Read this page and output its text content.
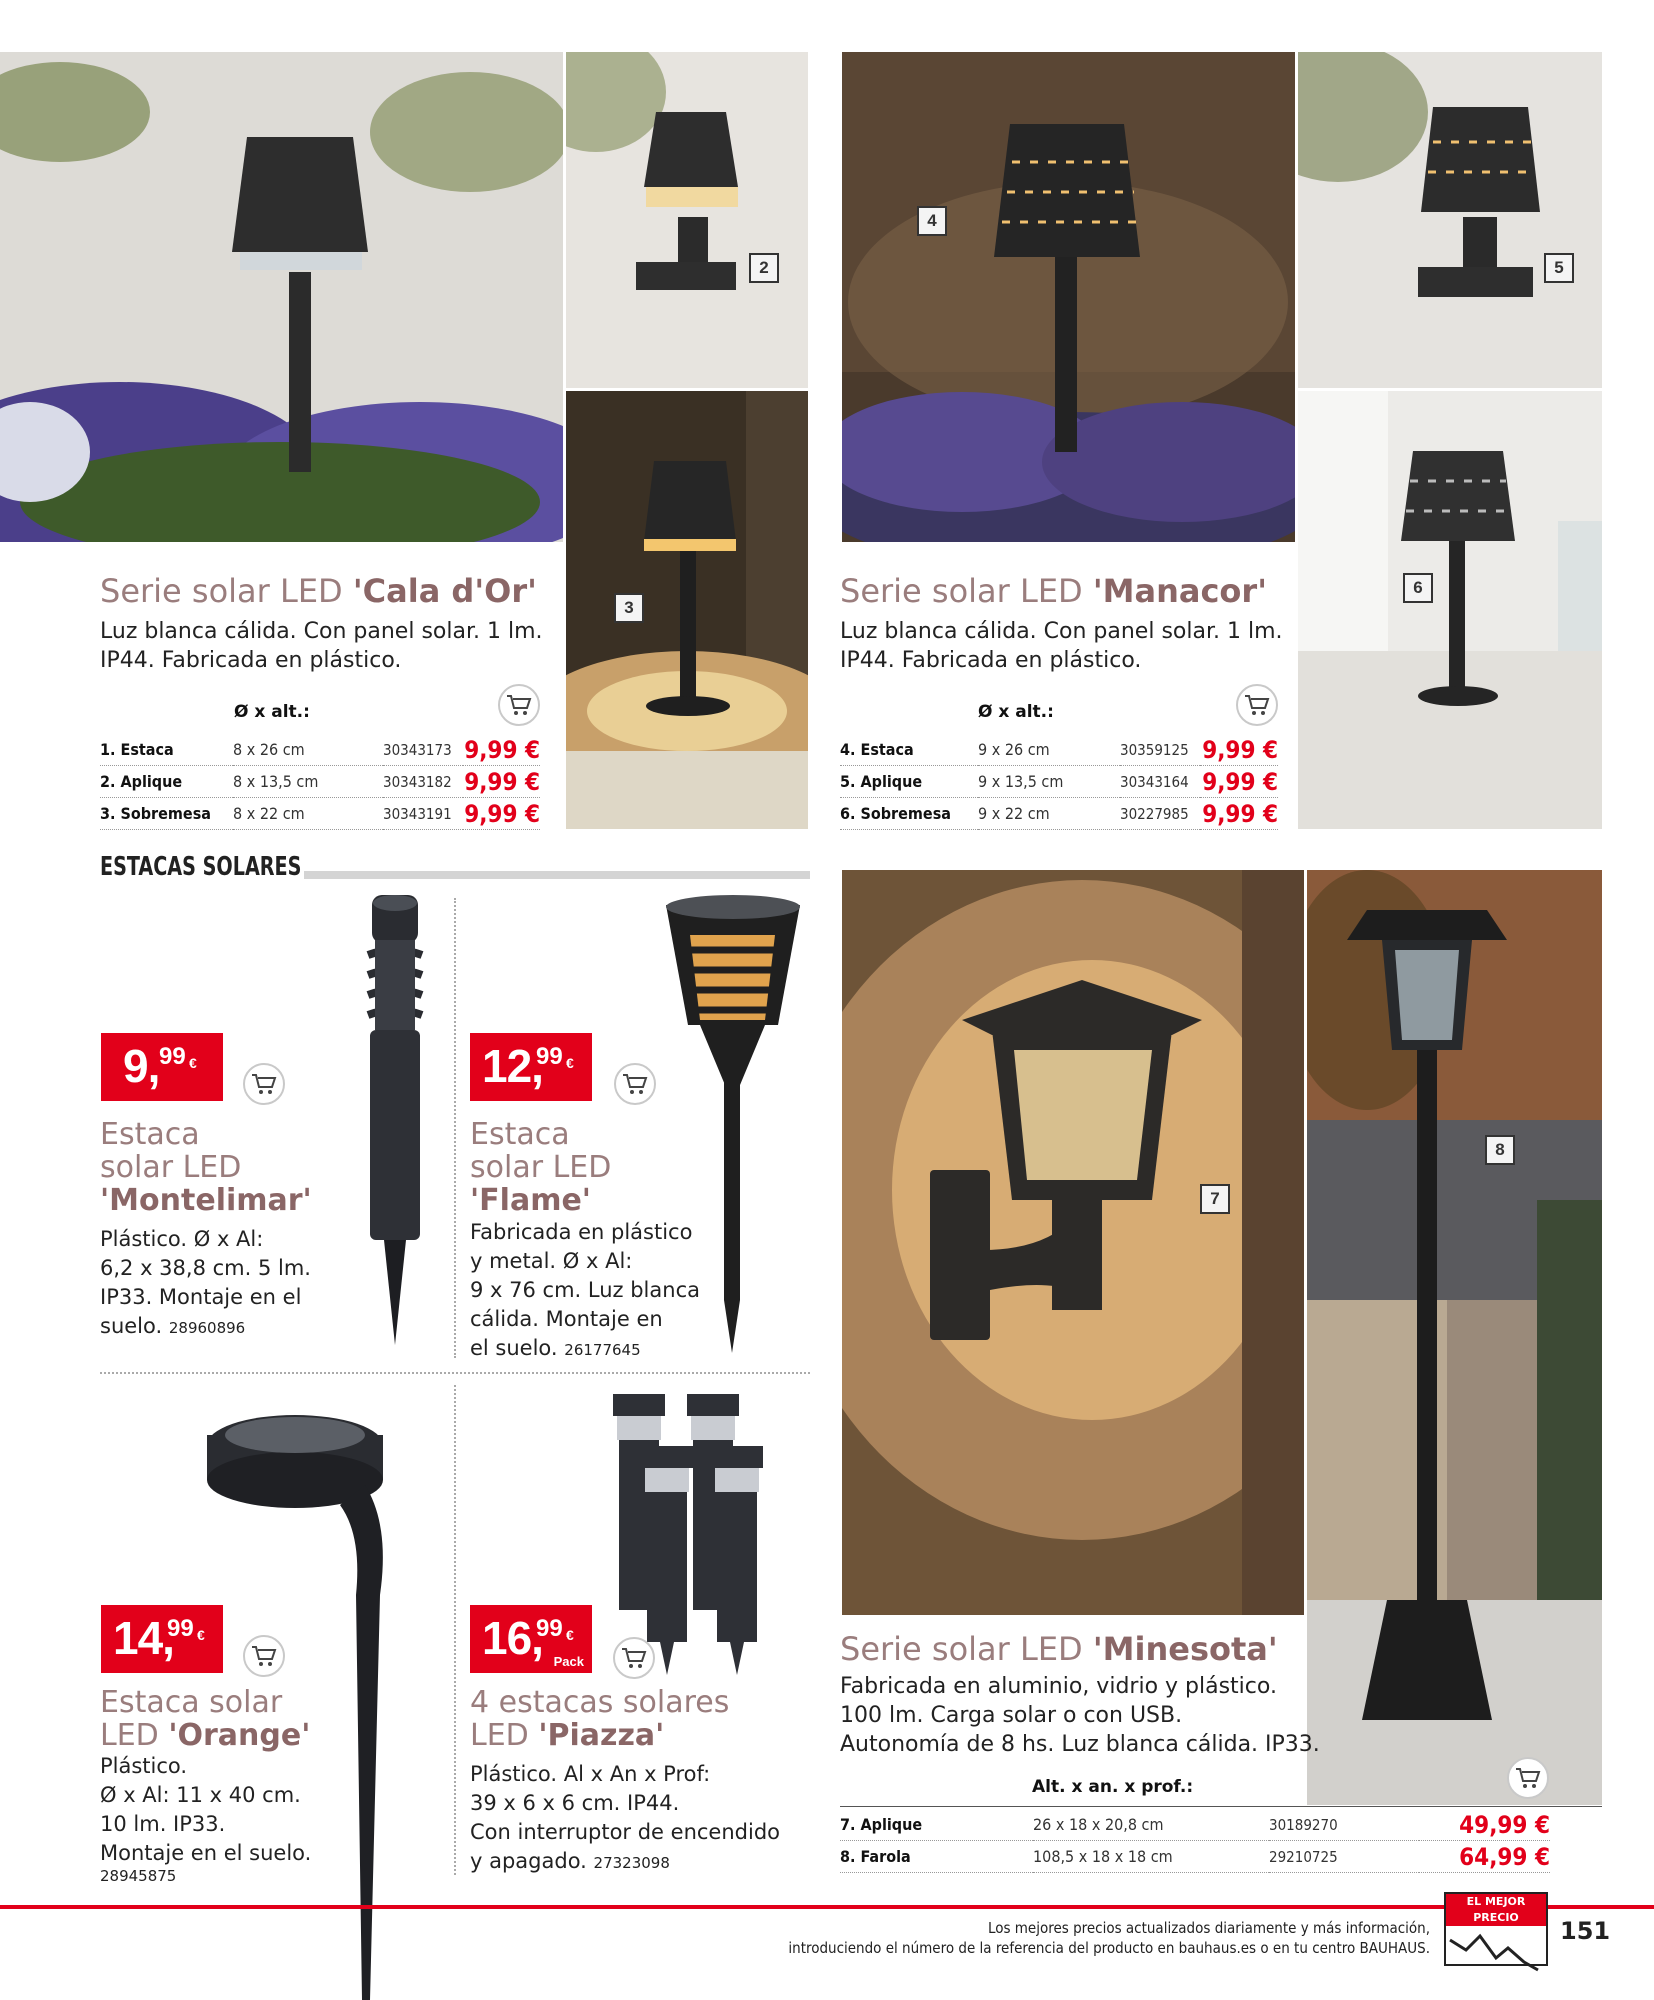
2
3
Serie solar LED 'Cala d'Or'
Luz blanca cálida. Con panel solar. 1 lm.
IP44. Fabricada en plástico.
Ø x alt.:
1. Estaca	8 x 26 cm	30343173	9,99 €
2. Aplique	8 x 13,5 cm	30343182	9,99 €
3. Sobremesa	8 x 22 cm	30343191	9,99 €
4
5
6
Serie solar LED 'Manacor'
Luz blanca cálida. Con panel solar. 1 lm.
IP44. Fabricada en plástico.
Ø x alt.:
4. Estaca	9 x 26 cm	30359125	9,99 €
5. Aplique	9 x 13,5 cm	30343164	9,99 €
6. Sobremesa	9 x 22 cm	30227985	9,99 €
ESTACAS SOLARES
9, 99 €
Estaca
solar LED
'Montelimar'
Plástico. Ø x Al:
6,2 x 38,8 cm. 5 lm.
IP33. Montaje en el
suelo. 28960896
12,
99 €
Estaca
solar LED
'Flame'
Fabricada en plástico
y metal. Ø x Al:
9 x 76 cm. Luz blanca
cálida. Montaje en
el suelo. 26177645
14,
99 €
Estaca solar
LED 'Orange'
Plástico.
Ø x Al: 11 x 40 cm.
10 lm. IP33.
Montaje en el suelo.
28945875
16,
99 €
Pack
4 estacas solares
LED 'Piazza'
Plástico. Al x An x Prof:
39 x 6 x 6 cm. IP44.
Con interruptor de encendido
y apagado. 27323098
7
8
Serie solar LED 'Minesota'
Fabricada en aluminio, vidrio y plástico.
100 lm. Carga solar o con USB.
Autonomía de 8 hs. Luz blanca cálida. IP33.
Alt. x an. x prof.:
7. Aplique	26 x 18 x 20,8 cm	30189270	49,99 €
8. Farola	108,5 x 18 x 18 cm	29210725	64,99 €
Los mejores precios actualizados diariamente y más información,
introduciendo el número de la referencia del producto en bauhaus.es o en tu centro BAUHAUS.
EL MEJOR PRECIO	151
